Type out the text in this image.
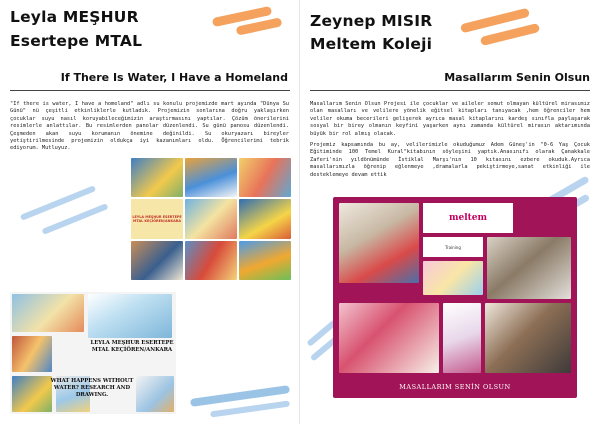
Leyla MEŞHUR
Esertepe MTAL
If There Is Water, I Have a Homeland

"If there is water, I have a homeland" adlı su konulu projemizde mart ayında "Dünya Su Günü" nü çeşitli etkinliklerle kutladık. Projemizin sonlarına doğru yaklaşırken çocuklar suyu nasıl koruyabileceğimizin araştırmasını yaptılar. Çözüm önerilerini resimlerle anlattılar. Bu resimlerden panolar düzenlendi. Su günü panosu düzenlendi. Çeşmeden akan suyu korumanın önemine değinildi. Su okuryazarı bireyler yetiştirilmesinde projemizin oldukça iyi kazanımları oldu. Öğrencilerimi tebrik ediyorum. Mutluyuz.

LEYLA MEŞHUR ESERTEPE MTAL KEÇİÖREN/ANKARA
LEYLA MEŞHUR ESERTEPE MTAL KEÇİÖREN/ANKARA
WHAT HAPPENS WITHOUT WATER? RESEARCH AND DRAWING.
Zeynep MISIR
Meltem Koleji
Masallarım Senin Olsun

Masallarım Senin Olsun Projesi ile çocuklar ve aileler somut olmayan kültürel mirasımız olan masalları ve velilere yönelik eğitsel kitapları tanıyacak ,hem öğrenciler hem veliler okuma becerileri gelişerek ayrıca masal kitaplarını kardeş sınıfla paylaşarak sosyal bir birey olmanın keyfini yaşarken aynı zamanda kültürel mirasın aktarımında büyük bir rol almış olacak.

Projemiz kapsamında bu ay, velilerimizle okuduğumuz Adem Güneş'in "0-6 Yaş Çocuk Eğitiminde 100 Temel Kural"kitabının söyleşini yaptık.Anasınıfı olarak Çanakkale Zaferi'nin yıldönümünde İstiklal Marşı'nın 10 kıtasını ezbere okuduk.Ayrıca masallarımızla öğrenip eğlenmeye ,dramalarla pekiştirmeye,sanat etkinliği ile desteklemeye devam ettik

meltem
Training
MASALLARIM SENİN OLSUN
